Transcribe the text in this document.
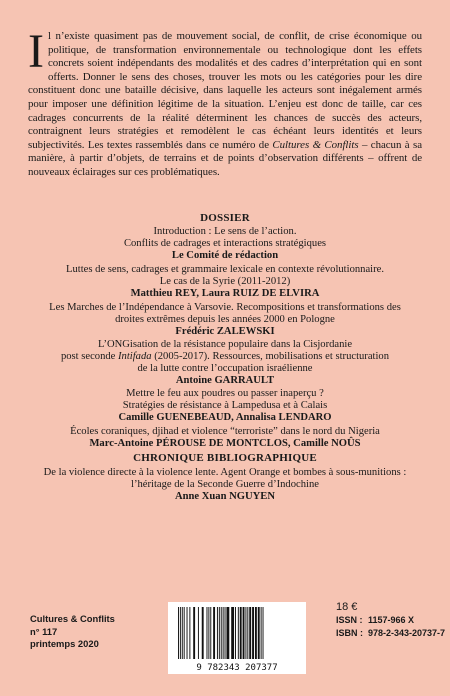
Il n’existe quasiment pas de mouvement social, de conflit, de crise économique ou politique, de transformation environnementale ou technologique dont les effets concrets soient indépendants des modalités et des cadres d’interprétation qui en sont offerts. Donner le sens des choses, trouver les mots ou les catégories pour les dire constituent donc une bataille décisive, dans laquelle les acteurs sont inégalement armés pour imposer une définition légitime de la situation. L’enjeu est donc de taille, car ces cadrages concurrents de la réalité déterminent les chances de succès des acteurs, contraignent leurs stratégies et remodèlent le cas échéant leurs identités et leurs subjectivités. Les textes rassemblés dans ce numéro de Cultures & Conflits – chacun à sa manière, à partir d’objets, de terrains et de points d’observation différents – offrent de nouveaux éclairages sur ces problématiques.
DOSSIER
Introduction : Le sens de l’action.
Conflits de cadrages et interactions stratégiques
Le Comité de rédaction
Luttes de sens, cadrages et grammaire lexicale en contexte révolutionnaire.
Le cas de la Syrie (2011-2012)
Matthieu REY, Laura RUIZ DE ELVIRA
Les Marches de l’Indépendance à Varsovie. Recompositions et transformations des
droites extrêmes depuis les années 2000 en Pologne
Frédéric ZALEWSKI
L’ONGisation de la résistance populaire dans la Cisjordanie
post seconde Intifada (2005-2017). Ressources, mobilisations et structuration
de la lutte contre l’occupation israélienne
Antoine GARRAULT
Mettre le feu aux poudres ou passer inaperçu ?
Stratégies de résistance à Lampedusa et à Calais
Camille GUENEBEAUD, Annalisa LENDARO
Écoles coraniques, djihad et violence “terroriste” dans le nord du Nigeria
Marc-Antoine PÉROUSE DE MONTCLOS, Camille NOÛS
CHRONIQUE BIBLIOGRAPHIQUE
De la violence directe à la violence lente. Agent Orange et bombes à sous-munitions :
l’héritage de la Seconde Guerre d’Indochine
Anne Xuan NGUYEN
Cultures & Conflits
n° 117
printemps 2020
9 782343 207377
18 €
ISSN : 1157-966 X
ISBN : 978-2-343-20737-7
